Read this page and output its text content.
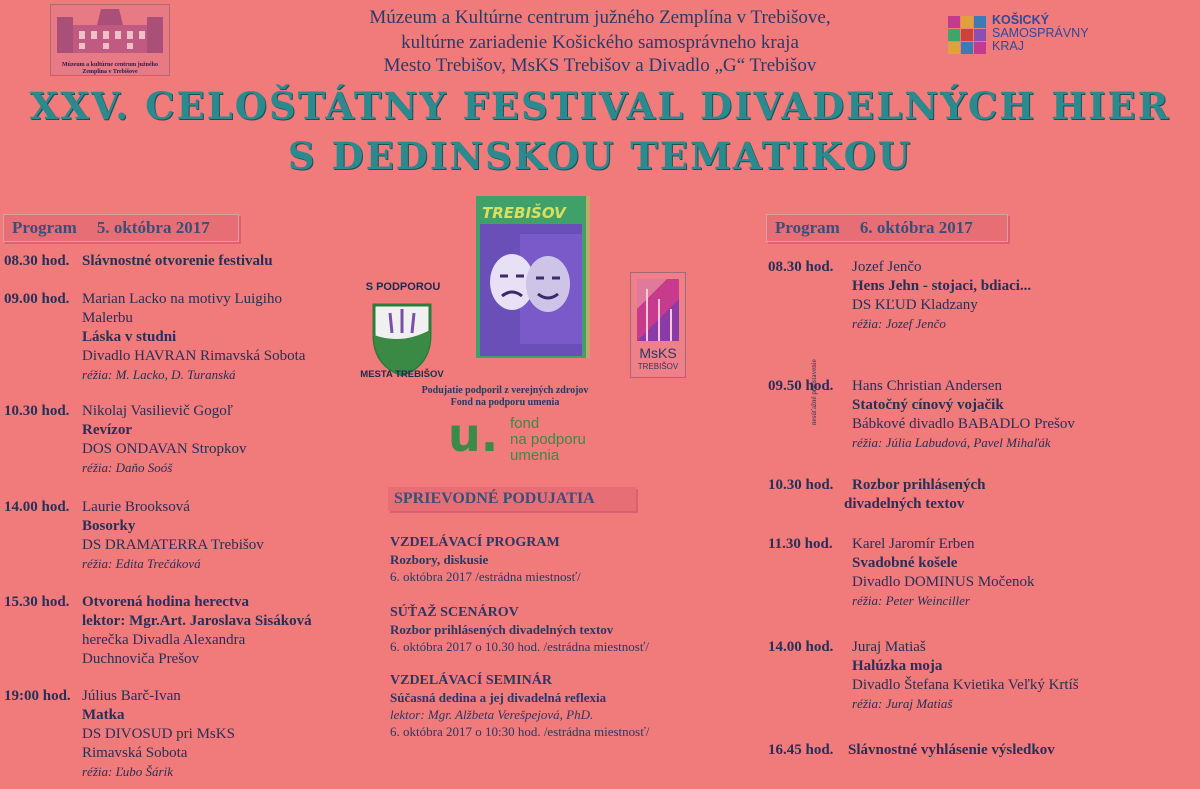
Múzeum a kultúrne centrum južného Zemplína v Trebišove
Múzeum a Kultúrne centrum južného Zemplína v Trebišove,
kultúrne zariadenie Košického samosprávneho kraja
Mesto Trebišov, MsKS Trebišov a Divadlo „G“ Trebišov
KOŠICKÝ
SAMOSPRÁVNY
KRAJ
XXV. CELOŠTÁTNY FESTIVAL DIVADELNÝCH HIER
S DEDINSKOU TEMATIKOU
Program 5. októbra 2017
08.30 hod. Slávnostné otvorenie festivalu
09.00 hod. Marian Lacko na motivy Luigiho
Malerbu
Láska v studni
Divadlo HAVRAN Rimavská Sobota
réžia: M. Lacko, D. Turanská
10.30 hod. Nikolaj Vasilievič Gogoľ
Revízor
DOS ONDAVAN Stropkov
réžia: Daňo Soóš
14.00 hod. Laurie Brooksová
Bosorky
DS DRAMATERRA Trebišov
réžia: Edita Trečáková
15.30 hod. Otvorená hodina herectva
lektor: Mgr.Art. Jaroslava Sisáková
herečka Divadla Alexandra
Duchnoviča Prešov
19:00 hod. Július Barč-Ivan
Matka
DS DIVOSUD pri MsKS
Rimavská Sobota
réžia: Ľubo Šárik
S PODPOROU
MESTA TREBIŠOV
TREBIŠOV
MsKS
TREBIŠOV
Podujatie podporil z verejných zdrojov
Fond na podporu umenia
u. fond
na podporu
umenia
SPRIEVODNÉ PODUJATIA
VZDELÁVACÍ PROGRAM
Rozbory, diskusie
6. októbra 2017 /estrádna miestnosť/
SÚŤAŽ SCENÁROV
Rozbor prihlásených divadelných textov
6. októbra 2017 o 10.30 hod. /estrádna miestnosť/
VZDELÁVACÍ SEMINÁR
Súčasná dedina a jej divadelná reflexia
lektor: Mgr. Alžbeta Verešpejová, PhD.
6. októbra 2017 o 10:30 hod. /estrádna miestnosť/
Program 6. októbra 2017
08.30 hod. Jozef Jenčo
Hens Jehn - stojaci, bdiaci...
DS KĽUD Kladzany
réžia: Jozef Jenčo
09.50 hod. Hans Christian Andersen
Statočný cínový vojačik
Bábkové divadlo BABADLO Prešov
réžia: Júlia Labudová, Pavel Mihaľák
nesúťažné predstavenie
10.30 hod. Rozbor prihlásených
divadelných textov
11.30 hod. Karel Jaromír Erben
Svadobné košele
Divadlo DOMINUS Močenok
réžia: Peter Weinciller
14.00 hod. Juraj Matiaš
Halúzka moja
Divadlo Štefana Kvietika Veľký Krtíš
réžia: Juraj Matiaš
16.45 hod. Slávnostné vyhlásenie výsledkov
